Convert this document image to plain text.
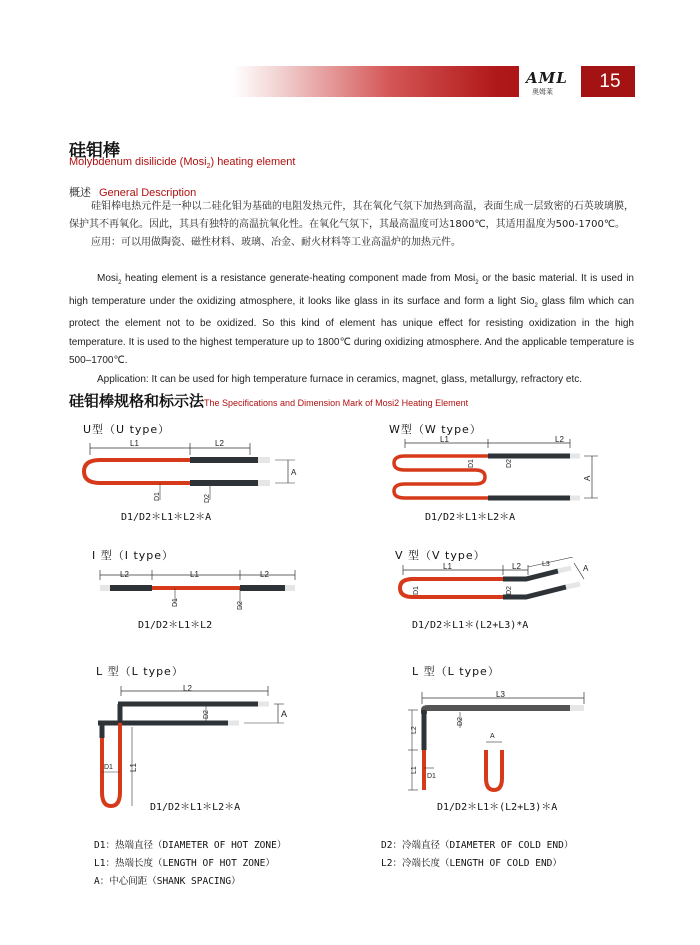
AML
奥姆莱	15
硅钼棒
Molybdenum disilicide (Mosi$_2$) heating element
概述 General Description

硅钼棒电热元件是一种以二硅化钼为基础的电阻发热元件，其在氧化气氛下加热到高温，表面生成一层致密的石英玻璃膜，保护其不再氧化。因此，其具有独特的高温抗氧化性。在氧化气氛下，其最高温度可达1800℃，其适用温度为500-1700℃。

应用：可以用做陶瓷、磁性材料、玻璃、冶金、耐火材料等工业高温炉的加热元件。

Mosi$_2$ heating element is a resistance generate-heating component made from Mosi$_2$ or the basic material. It is used in high temperature under the oxidizing atmosphere, it looks like glass in its surface and form a light Sio$_2$ glass film which can protect the element not to be oxidized. So this kind of element has unique effect for resisting oxidization in the high temperature. It is used to the highest temperature up to 1800℃ during oxidizing atmosphere. And the applicable temperature is 500–1700℃.

Application: It can be used for high temperature furnace in ceramics, magnet, glass, metallurgy, refractory etc.

硅钼棒规格和标示法The Specifications and Dimension Mark of Mosi2 Heating Element
U型（U type）
L1	L2
A
D1	D2
D1/D2＊L1＊L2＊A
W型（W type）
L1	L2
A
D1	D2
D1/D2＊L1＊L2＊A
I 型（I type）
L2	L1	L2
D1	D2
D1/D2＊L1＊L2
V 型（V type）
L1	L2	L3	A
D1	D2
D1/D2＊L1＊(L2+L3)*A
L 型（L type）
L2
A
D2
L1
D1
D1/D2＊L1＊L2＊A
L 型（L type）
L3
L2
L1
D1
D2
A
D1/D2＊L1＊(L2+L3)＊A
D1：热端直径（DIAMETER OF HOT ZONE）	D2：冷端直径（DIAMETER OF COLD END）
L1：热端长度（LENGTH OF HOT ZONE）	L2：冷端长度（LENGTH OF COLD END）
A：中心间距（SHANK SPACING）
